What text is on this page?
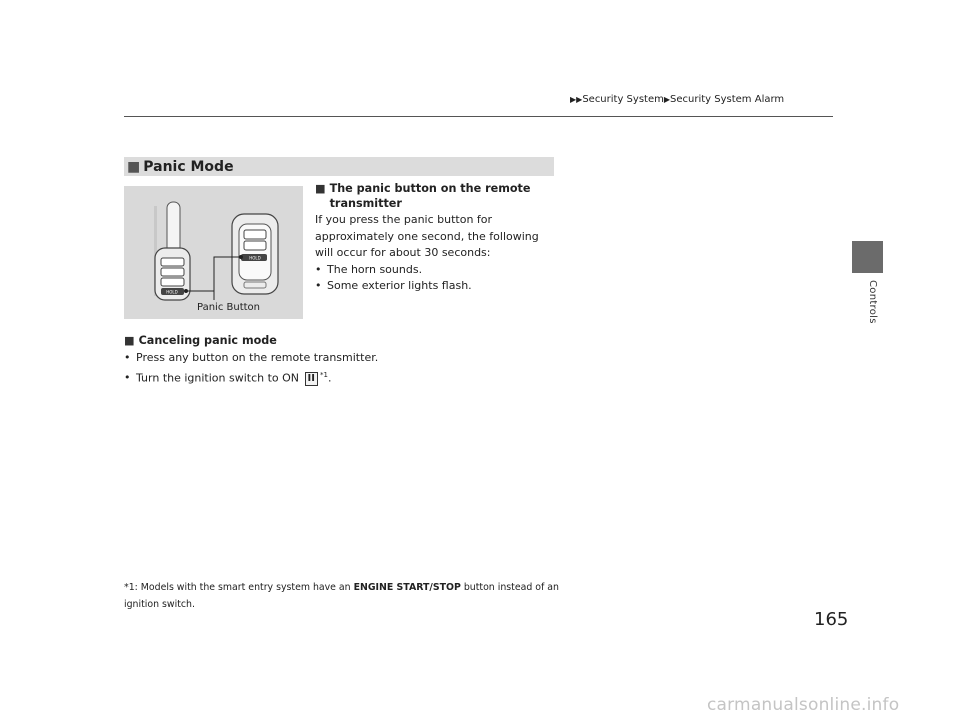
▶▶Security System▶Security System Alarm
Controls
■ Panic Mode
HOLD
HOLD
Panic Button
■ The panic button on the remote transmitter
If you press the panic button for approximately one second, the following will occur for about 30 seconds:
• The horn sounds.
• Some exterior lights flash.
■ Canceling panic mode
• Press any button on the remote transmitter.
• Turn the ignition switch to ON II $^{*1}$.
*1: Models with the smart entry system have an ENGINE START/STOP button instead of an ignition switch.
165
carmanualsonline.info
